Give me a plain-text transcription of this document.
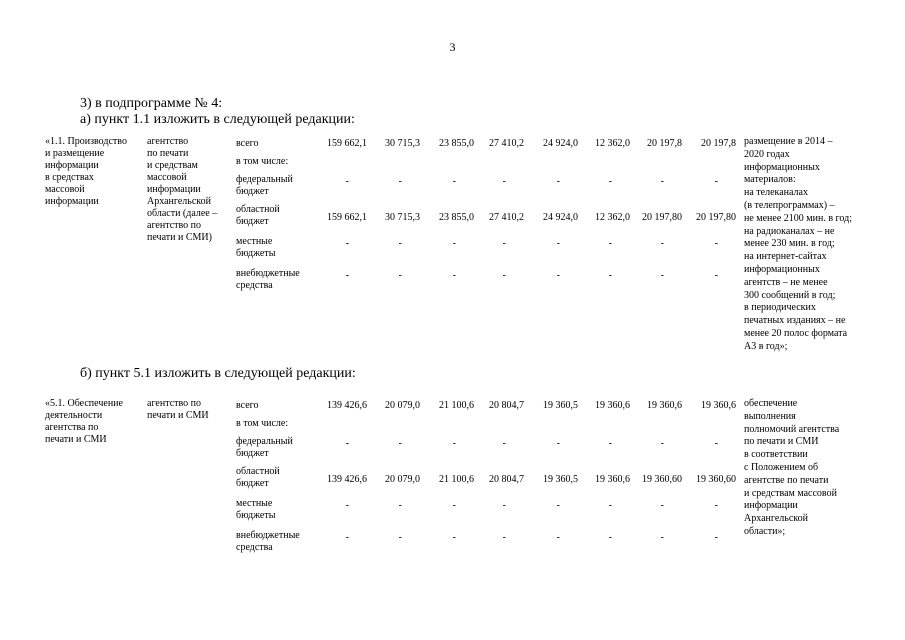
3
3) в подпрограмме № 4:
а) пункт 1.1 изложить в следующей редакции:
б) пункт 5.1 изложить в следующей редакции:
«1.1. Производство
и размещение
информации
в средствах
массовой
информации
агентство
по печати
и средствам
массовой
информации
Архангельской
области (далее –
агентство по
печати и СМИ)
размещение в 2014 –
2020 годах
информационных
материалов:
на телеканалах
(в телепрограммах) –
не менее 2100 мин. в год;
на радиоканалах – не
менее 230 мин. в год;
на интернет-сайтах
информационных
агентств – не менее
300 сообщений в год;
в периодических
печатных изданиях – не
менее 20 полос формата
А3 в год»;
всего	159 662,1	30 715,3	23 855,0	27 410,2	24 924,0	12 362,0	20 197,8	20 197,8
в том числе:
федеральный
бюджет
-	-	-	-	-	-	-	-
областной
бюджет	159 662,1	30 715,3	23 855,0	27 410,2	24 924,0	12 362,0	20 197,80	20 197,80
местные
бюджеты
-	-	-	-	-	-	-	-
внебюджетные
средства
-	-	-	-	-	-	-	-
«5.1. Обеспечение
деятельности
агентства по
печати и СМИ
агентство по
печати и СМИ
обеспечение
выполнения
полномочий агентства
по печати и СМИ
в соответствии
с Положением об
агентстве по печати
и средствам массовой
информации
Архангельской
области»;
всего	139 426,6	20 079,0	21 100,6	20 804,7	19 360,5	19 360,6	19 360,6	19 360,6
в том числе:
федеральный
бюджет
-	-	-	-	-	-	-	-
областной
бюджет	139 426,6	20 079,0	21 100,6	20 804,7	19 360,5	19 360,6	19 360,60	19 360,60
местные
бюджеты
-	-	-	-	-	-	-	-
внебюджетные
средства
-	-	-	-	-	-	-	-
